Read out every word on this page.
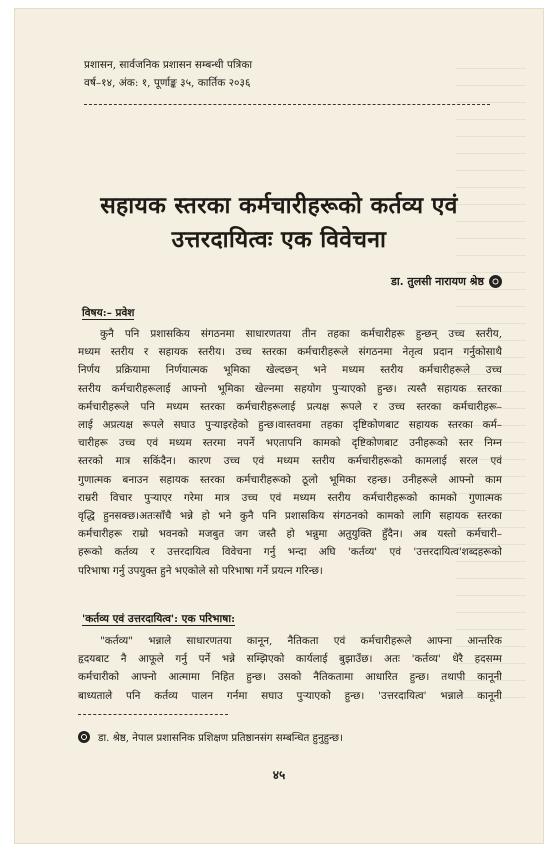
प्रशासन, सार्वजनिक प्रशासन सम्बन्धी पत्रिका
वर्ष–१४, अंक: १, पूर्णाङ्क ३५, कार्तिक २०३६
सहायक स्तरका कर्मचारीहरूको कर्तव्य एवं
उत्तरदायित्वः एक विवेचना
डा. तुलसी नारायण श्रेष्ठ
विषय:– प्रवेश
कुनै पनि प्रशासकिय संगठनमा साधारणतया तीन तहका कर्मचारीहरू हुन्छन् उच्च स्तरीय,
मध्यम स्तरीय र सहायक स्तरीय। उच्च स्तरका कर्मचारीहरूले संगठनमा नेतृत्व प्रदान गर्नुकोसाथै
निर्णय प्रक्रियामा निर्णयात्मक भूमिका खेल्दछन् भने मध्यम स्तरीय कर्मचारीहरूले उच्च
स्तरीय कर्मचारीहरूलाई आफ्नो भूमिका खेल्नमा सहयोग पुऱ्याएको हुन्छ। त्यस्तै सहायक स्तरका
कर्मचारीहरूले पनि मध्यम स्तरका कर्मचारीहरूलाई प्रत्यक्ष रूपले र उच्च स्तरका कर्मचारीहरू–
लाई अप्रत्यक्ष रूपले सघाउ पुऱ्याइरहेको हुन्छ।वास्तवमा तहका दृष्टिकोणबाट सहायक स्तरका कर्म–
चारीहरू उच्च एवं मध्यम स्तरमा नपर्ने भएतापनि कामको दृष्टिकोणबाट उनीहरूको स्तर निम्न
स्तरको मात्र सकिंदैन। कारण उच्च एवं मध्यम स्तरीय कर्मचारीहरूको कामलाई सरल एवं
गुणात्मक बनाउन सहायक स्तरका कर्मचारीहरूको ठूलो भूमिका रहन्छ। उनीहरूले आफ्नो काम
राम्ररी विचार पुऱ्याएर गरेमा मात्र उच्च एवं मध्यम स्तरीय कर्मचारीहरूको कामको गुणात्मक
वृद्धि हुनसक्छ।अतःसाँचै भन्ने हो भने कुनै पनि प्रशासकिय संगठनको कामको लागि सहायक स्तरका
कर्मचारीहरू राम्रो भवनको मजबुत जग जस्तै हो भन्नुमा अतुयुक्ति हुँदैन। अब यस्तो कर्मचारी–
हरूको कर्तव्य र उत्तरदायित्व विवेचना गर्नु भन्दा अघि 'कर्तव्य' एवं 'उत्तरदायित्व'शब्दहरूको
परिभाषा गर्नु उपयुक्त हुने भएकोले सो परिभाषा गर्ने प्रयत्न गरिन्छ।
'कर्तव्य एवं उत्तरदायित्व': एक परिभाषा:
"कर्तव्य" भन्नाले साधारणतया कानून, नैतिकता एवं कर्मचारीहरूले आफ्ना आन्तरिक
हृदयबाट नै आफूले गर्नु पर्ने भन्ने सम्झिएको कार्यलाई बुझाउँछ। अतः 'कर्तव्य' धेरै हदसम्म
कर्मचारीको आफ्नो आत्मामा निहित हुन्छ। उसको नैतिकतामा आधारित हुन्छ। तथापी कानूनी
बाध्यताले पनि कर्तव्य पालन गर्नमा सघाउ पुऱ्याएको हुन्छ। 'उत्तरदायित्व' भन्नाले कानूनी
डा. श्रेष्ठ, नेपाल प्रशासनिक प्रशिक्षण प्रतिष्ठानसंग सम्बन्धित हुनुहुन्छ।
४५
